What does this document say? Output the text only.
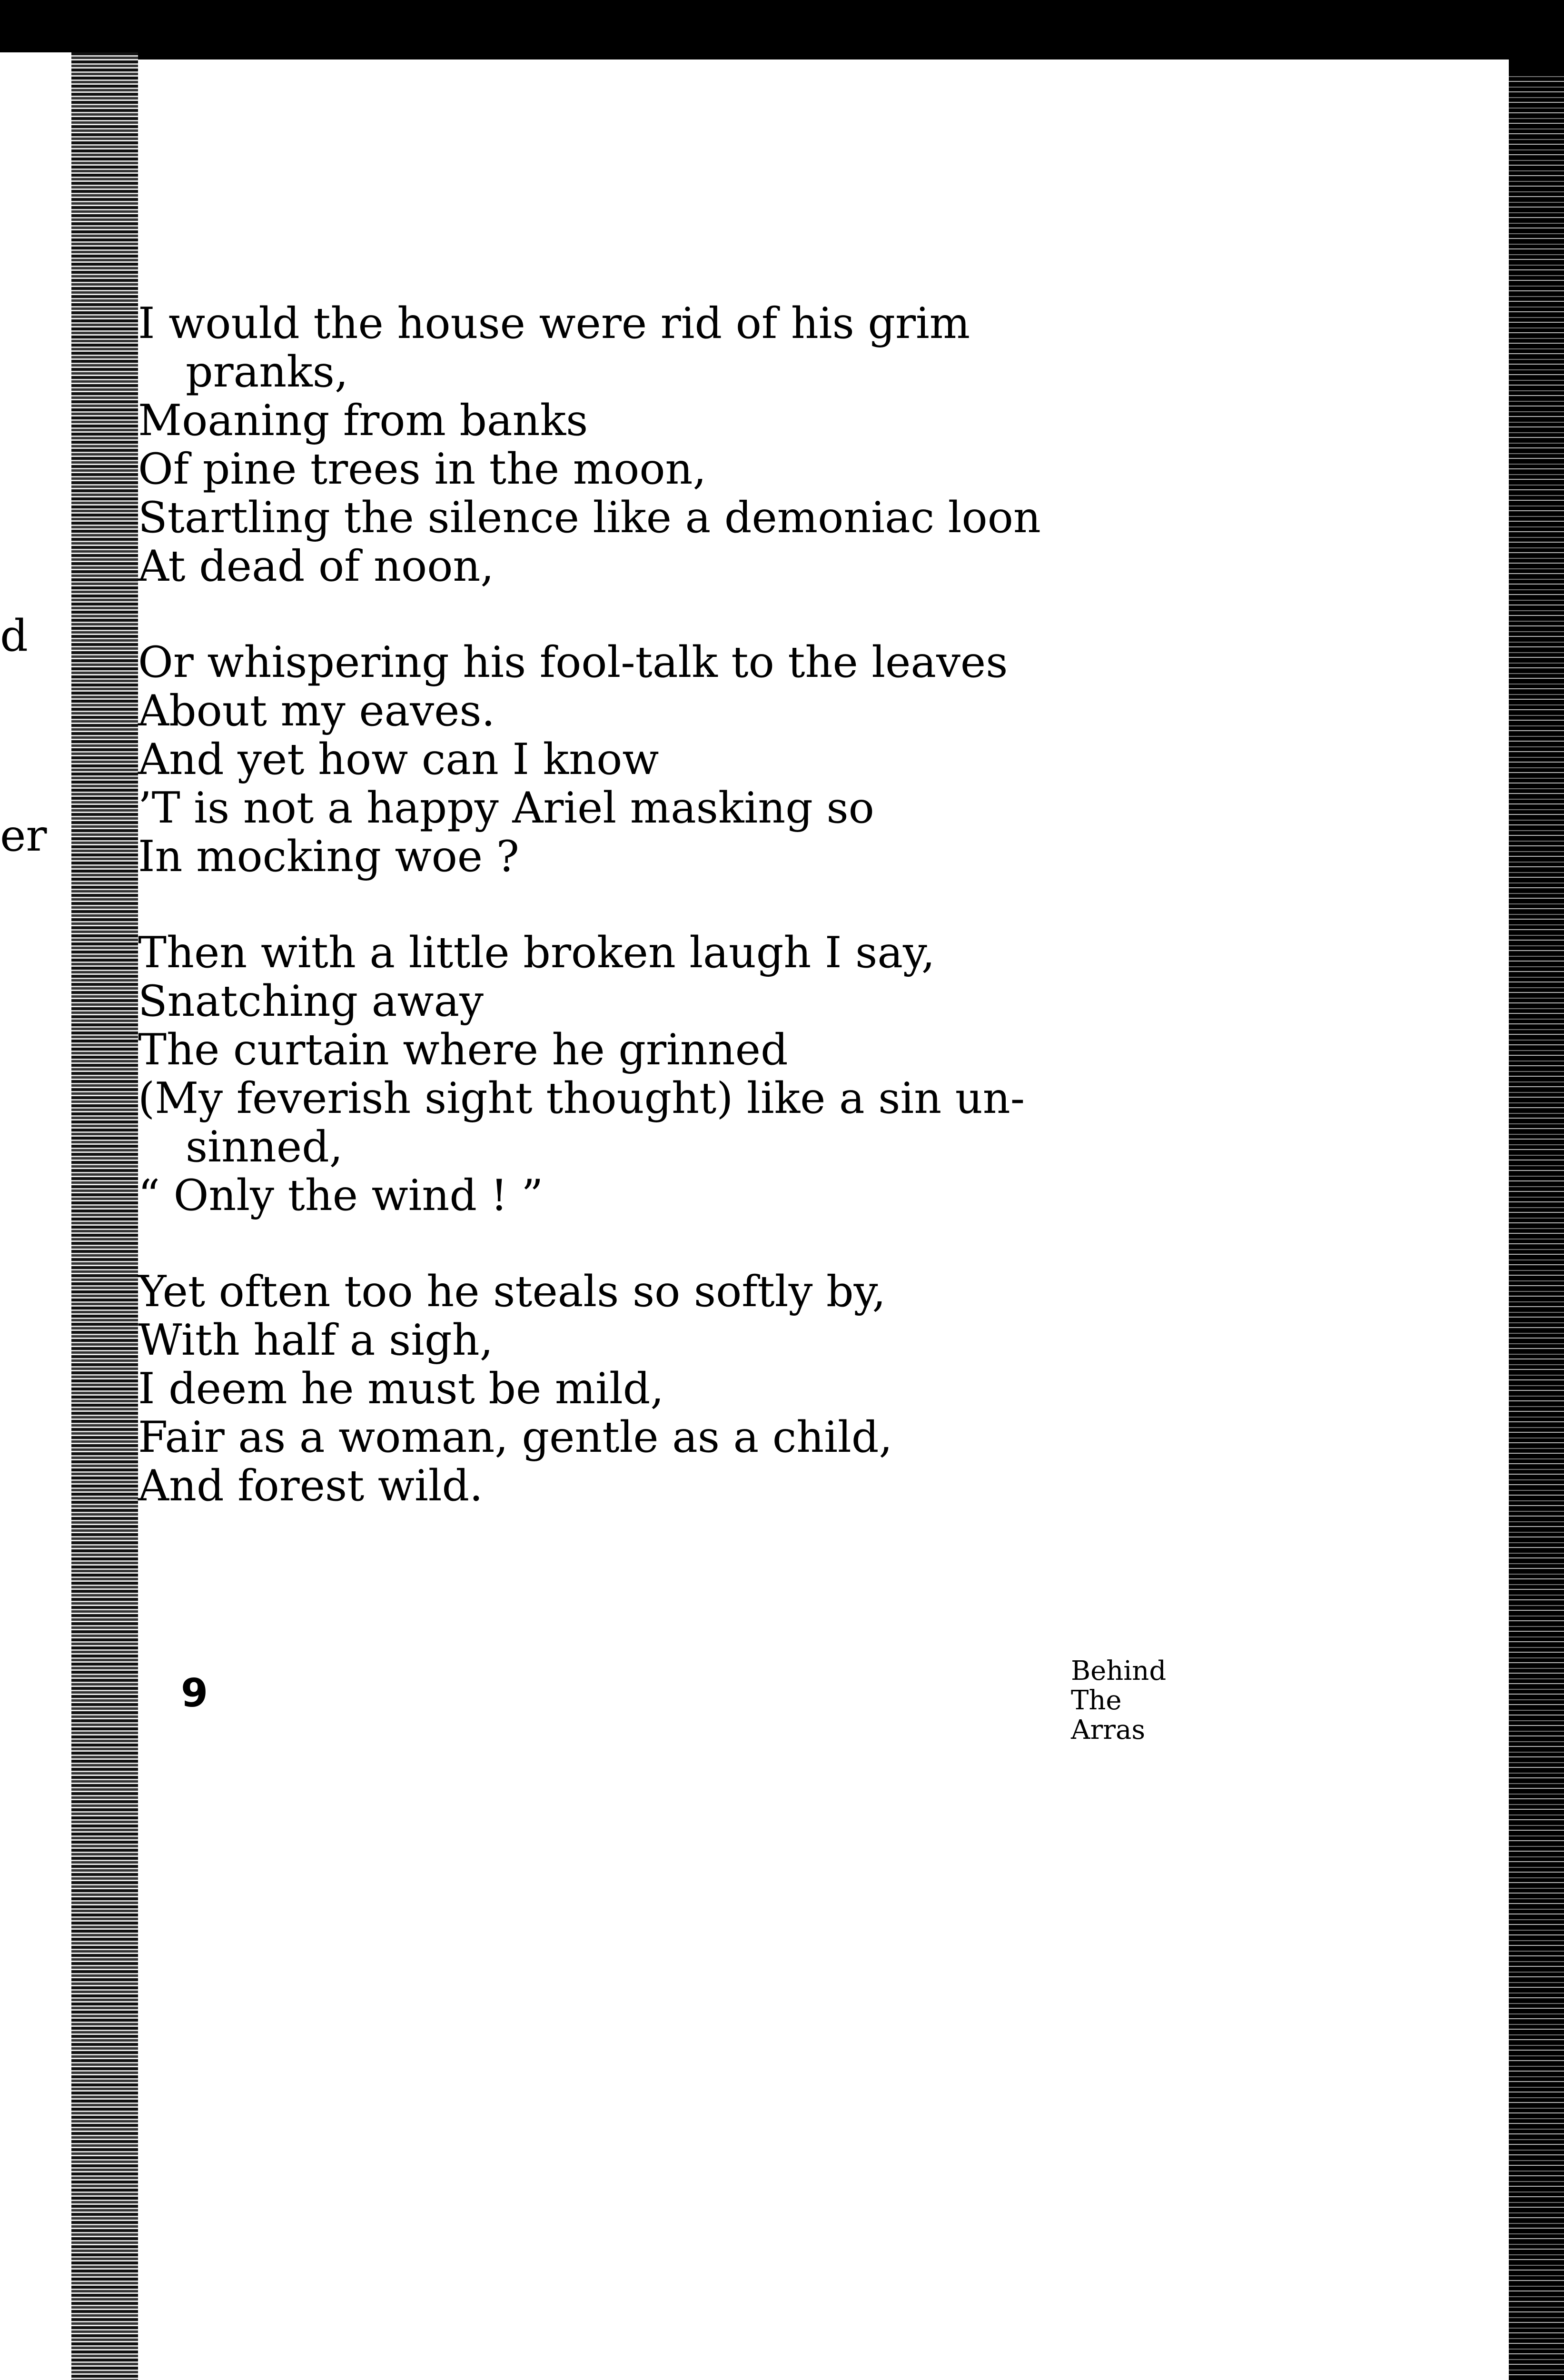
d
er
I would the house were rid of his grim
pranks,
Moaning from banks
Of pine trees in the moon,
Startling the silence like a demoniac loon
At dead of noon,
Or whispering his fool-talk to the leaves
About my eaves.
And yet how can I know
’T is not a happy Ariel masking so
In mocking woe ?
Then with a little broken laugh I say,
Snatching away
The curtain where he grinned
(My feverish sight thought) like a sin un-
sinned,
“ Only the wind ! ”
Yet often too he steals so softly by,
With half a sigh,
I deem he must be mild,
Fair as a woman, gentle as a child,
And forest wild.
9	Behind
The
Arras
